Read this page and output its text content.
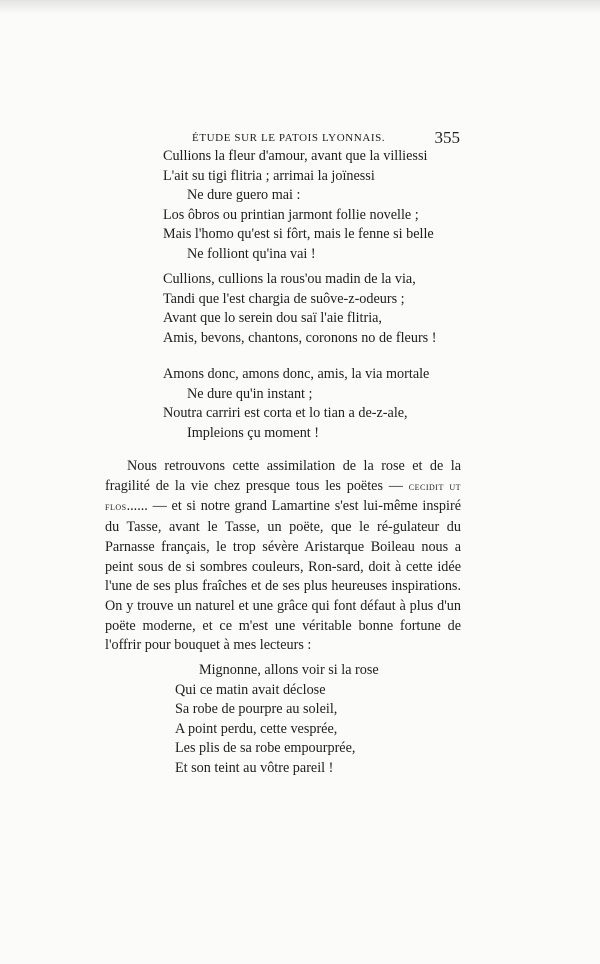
ÉTUDE SUR LE PATOIS LYONNAIS.	355
Cullions la fleur d'amour, avant que la villiessi
L'ait su tigi flitria ; arrimai la joïnessi
Ne dure guero mai :
Los ôbros ou printian jarmont follie novelle ;
Mais l'homo qu'est si fôrt, mais le fenne si belle
Ne folliont qu'ina vai !
Cullions, cullions la rous'ou madin de la via,
Tandi que l'est chargia de suôve-z-odeurs ;
Avant que lo serein dou saï l'aie flitria,
Amis, bevons, chantons, coronons no de fleurs !
Amons donc, amons donc, amis, la via mortale
Ne dure qu'in instant ;
Noutra carriri est corta et lo tian a de-z-ale,
Impleions çu moment !

Nous retrouvons cette assimilation de la rose et de la fragilité de la vie chez presque tous les poëtes — cecidit ut flos...... — et si notre grand Lamartine s'est lui-même inspiré du Tasse, avant le Tasse, un poëte, que le ré-gulateur du Parnasse français, le trop sévère Aristarque Boileau nous a peint sous de si sombres couleurs, Ron-sard, doit à cette idée l'une de ses plus fraîches et de ses plus heureuses inspirations. On y trouve un naturel et une grâce qui font défaut à plus d'un poëte moderne, et ce m'est une véritable bonne fortune de l'offrir pour bouquet à mes lecteurs :

Mignonne, allons voir si la rose
Qui ce matin avait déclose
Sa robe de pourpre au soleil,
A point perdu, cette vesprée,
Les plis de sa robe empourprée,
Et son teint au vôtre pareil !
